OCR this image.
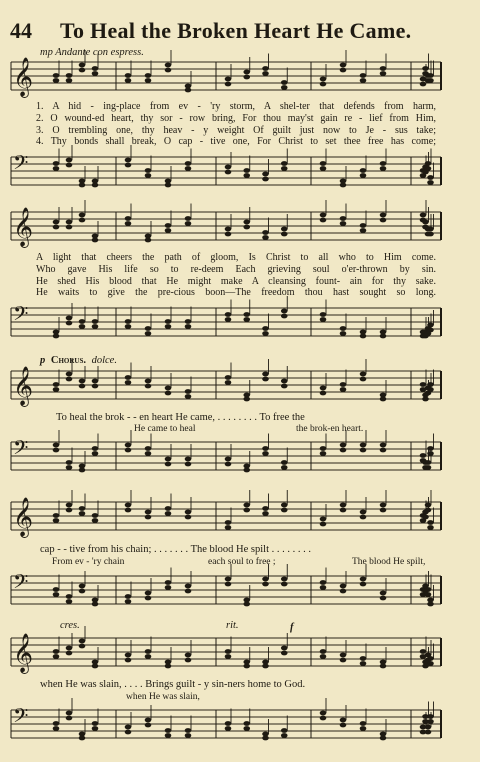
44 To Heal the Broken Heart He Came.
mp Andante con espress.
𝄞
1. A hid - ing-place from ev - 'ry storm, A shel-ter that defends from harm,
2. O wound-ed heart, thy sor - row bring, For thou may'st gain re - lief from Him,
3. O trembling one, thy heav - y weight Of guilt just now to Je - sus take;
4. Thy bonds shall break, O cap - tive one, For Christ to set thee free has come;
𝄢
𝄞
A light that cheers the path of gloom, Is Christ to all who to Him come.
Who gave His life so to re-deem Each grieving soul o'er-thrown by sin.
He shed His blood that He might make A cleansing fount- ain for thy sake.
He waits to give the pre-cious boon—The freedom thou hast sought so long.
𝄢
p Chorus. dolce.
𝄞
To heal the brok - - en heart He came, . . . . . . . . To free the
He came to heal	the brok-en heart.
𝄢
𝄞
cap - - tive from his chain; . . . . . . . The blood He spilt . . . . . . . .
From ev - 'ry chain	each soul to free ;	The blood He spilt,
𝄢
cres.	rit.	f
𝄞
when He was slain, . . . . Brings guilt - y sin-ners home to God.
when He was slain,
𝄢
